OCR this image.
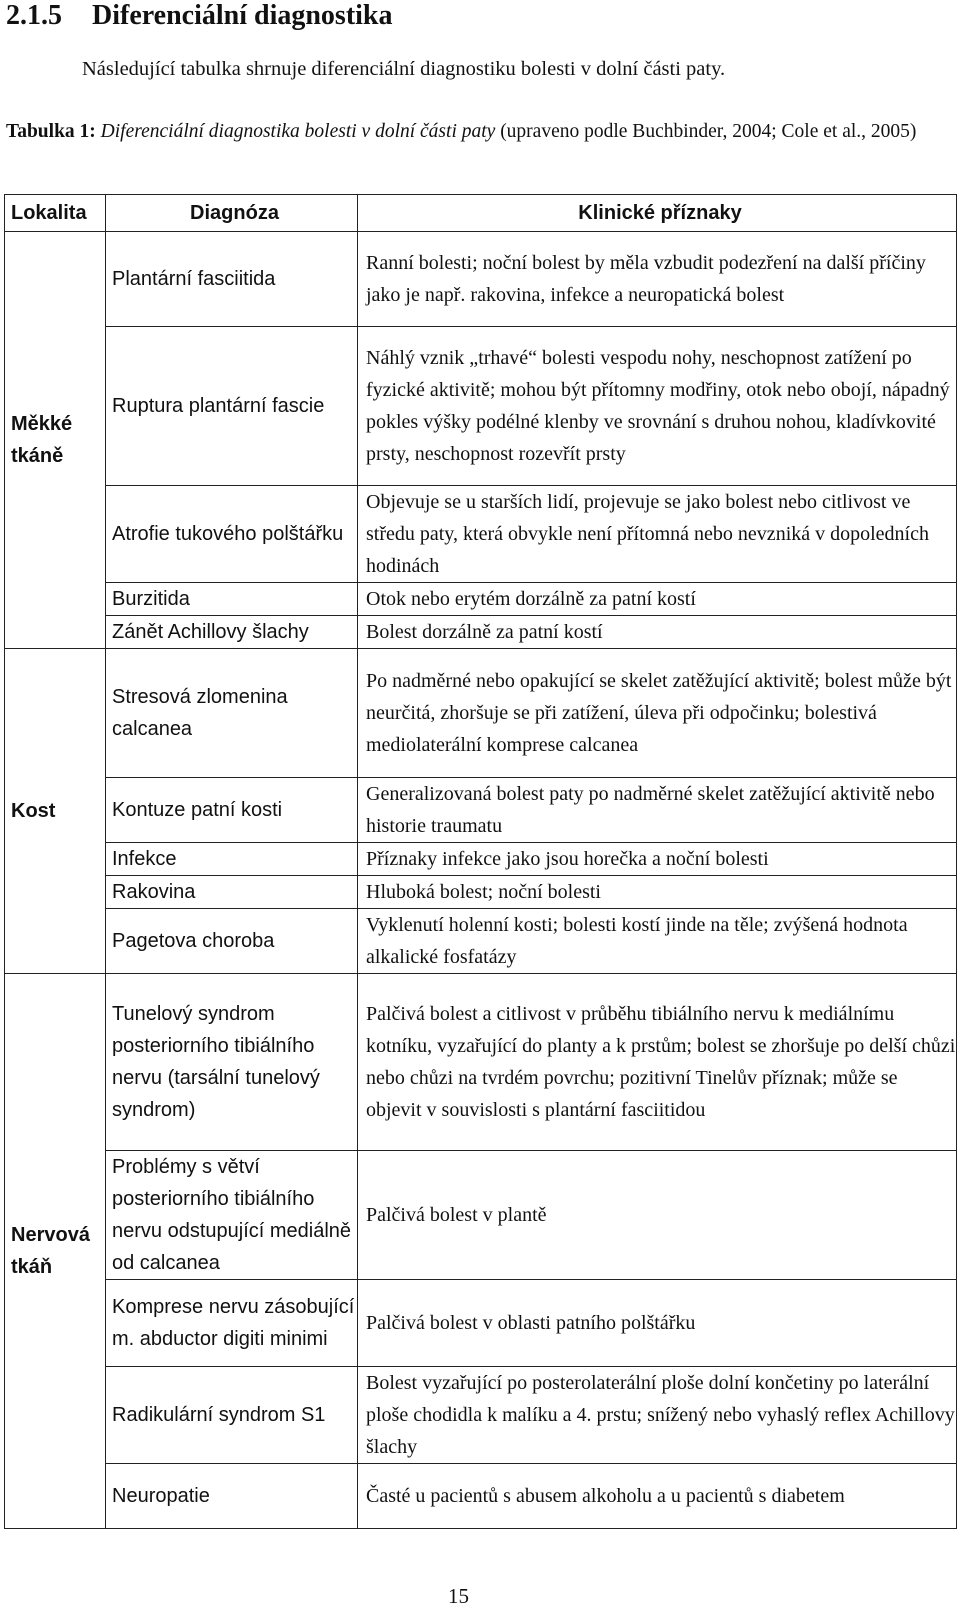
2.1.5 Diferenciální diagnostika
Následující tabulka shrnuje diferenciální diagnostiku bolesti v dolní části paty.
Tabulka 1: Diferenciální diagnostika bolesti v dolní části paty (upraveno podle Buchbinder, 2004; Cole et al., 2005)
Lokalita	Diagnóza	Klinické příznaky
Měkké tkáně	Plantární fasciitida	Ranní bolesti; noční bolest by měla vzbudit podezření na další příčiny jako je např. rakovina, infekce a neuropatická bolest
	Ruptura plantární fascie	Náhlý vznik „trhavé“ bolesti vespodu nohy, neschopnost zatížení po fyzické aktivitě; mohou být přítomny modřiny, otok nebo obojí, nápadný pokles výšky podélné klenby ve srovnání s druhou nohou, kladívkovité prsty, neschopnost rozevřít prsty
	Atrofie tukového polštářku	Objevuje se u starších lidí, projevuje se jako bolest nebo citlivost ve středu paty, která obvykle není přítomná nebo nevzniká v dopoledních hodinách
	Burzitida	Otok nebo erytém dorzálně za patní kostí
	Zánět Achillovy šlachy	Bolest dorzálně za patní kostí
Kost	Stresová zlomenina calcanea	Po nadměrné nebo opakující se skelet zatěžující aktivitě; bolest může být neurčitá, zhoršuje se při zatížení, úleva při odpočinku; bolestivá mediolaterální komprese calcanea
	Kontuze patní kosti	Generalizovaná bolest paty po nadměrné skelet zatěžující aktivitě nebo historie traumatu
	Infekce	Příznaky infekce jako jsou horečka a noční bolesti
	Rakovina	Hluboká bolest; noční bolesti
	Pagetova choroba	Vyklenutí holenní kosti; bolesti kostí jinde na těle; zvýšená hodnota alkalické fosfatázy
Nervová tkáň	Tunelový syndrom posteriorního tibiálního nervu (tarsální tunelový syndrom)	Palčivá bolest a citlivost v průběhu tibiálního nervu k mediálnímu kotníku, vyzařující do planty a k prstům; bolest se zhoršuje po delší chůzi nebo chůzi na tvrdém povrchu; pozitivní Tinelův příznak; může se objevit v souvislosti s plantární fasciitidou
	Problémy s větví posteriorního tibiálního nervu odstupující mediálně od calcanea	Palčivá bolest v plantě
	Komprese nervu zásobující m. abductor digiti minimi	Palčivá bolest v oblasti patního polštářku
	Radikulární syndrom S1	Bolest vyzařující po posterolaterální ploše dolní končetiny po laterální ploše chodidla k malíku a 4. prstu; snížený nebo vyhaslý reflex Achillovy šlachy
	Neuropatie	Časté u pacientů s abusem alkoholu a u pacientů s diabetem
15
